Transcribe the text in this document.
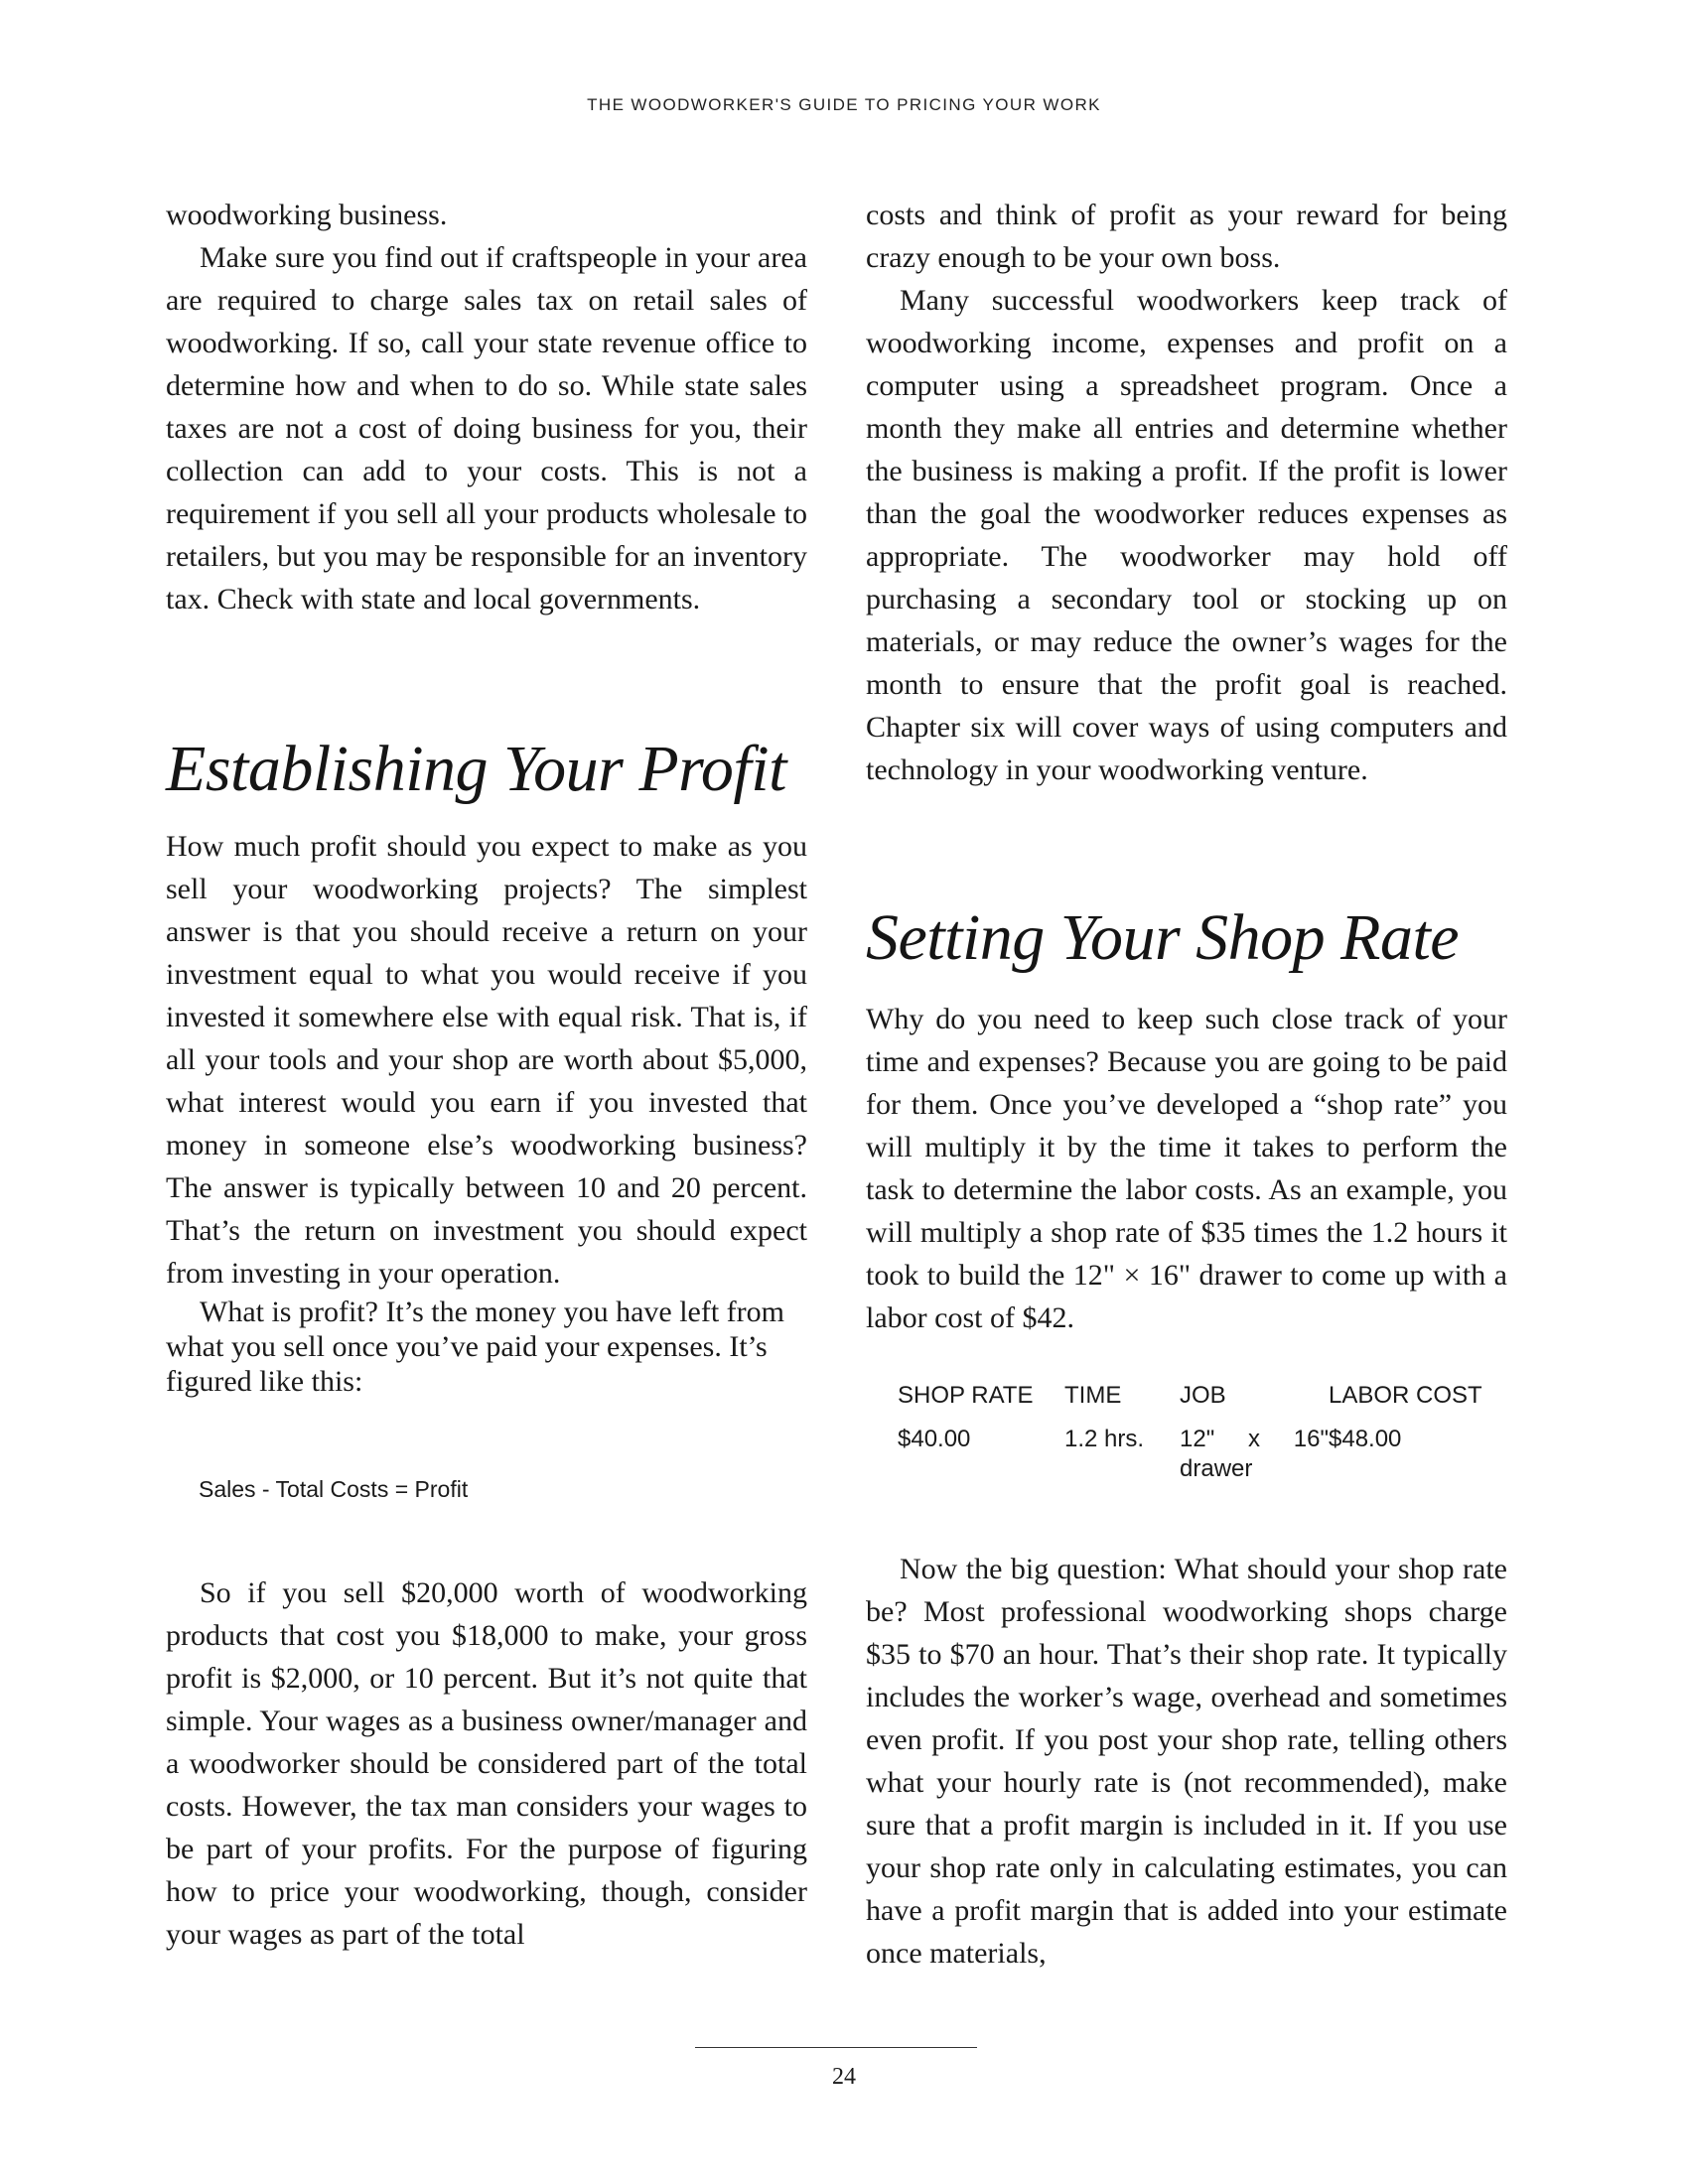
THE WOODWORKER'S GUIDE TO PRICING YOUR WORK

woodworking business.

Make sure you find out if craftspeople in your area are required to charge sales tax on retail sales of woodworking. If so, call your state revenue office to determine how and when to do so. While state sales taxes are not a cost of doing business for you, their collection can add to your costs. This is not a requirement if you sell all your products wholesale to retailers, but you may be responsible for an inventory tax. Check with state and local governments.

Establishing Your Profit

How much profit should you expect to make as you sell your woodworking projects? The simplest answer is that you should receive a return on your investment equal to what you would receive if you invested it somewhere else with equal risk. That is, if all your tools and your shop are worth about $5,000, what interest would you earn if you invested that money in someone else’s woodworking business? The answer is typically between 10 and 20 percent. That’s the return on investment you should expect from investing in your operation.

What is profit? It’s the money you have left from what you sell once you’ve paid your expenses. It’s figured like this:

Sales - Total Costs = Profit

So if you sell $20,000 worth of woodworking products that cost you $18,000 to make, your gross profit is $2,000, or 10 percent. But it’s not quite that simple. Your wages as a business owner/manager and a woodworker should be considered part of the total costs. However, the tax man considers your wages to be part of your profits. For the purpose of figuring how to price your woodworking, though, consider your wages as part of the total

costs and think of profit as your reward for being crazy enough to be your own boss.

Many successful woodworkers keep track of woodworking income, expenses and profit on a computer using a spreadsheet program. Once a month they make all entries and determine whether the business is making a profit. If the profit is lower than the goal the woodworker reduces expenses as appropriate. The woodworker may hold off purchasing a secondary tool or stocking up on materials, or may reduce the owner’s wages for the month to ensure that the profit goal is reached. Chapter six will cover ways of using computers and technology in your woodworking venture.

Setting Your Shop Rate

Why do you need to keep such close track of your time and expenses? Because you are going to be paid for them. Once you’ve developed a “shop rate” you will multiply it by the time it takes to perform the task to determine the labor costs. As an example, you will multiply a shop rate of $35 times the 1.2 hours it took to build the 12" × 16" drawer to come up with a labor cost of $42.

SHOP RATE	TIME	JOB	LABOR COST
$40.00	1.2 hrs.	12" x 16" drawer	$48.00

Now the big question: What should your shop rate be? Most professional woodworking shops charge $35 to $70 an hour. That’s their shop rate. It typically includes the worker’s wage, overhead and sometimes even profit. If you post your shop rate, telling others what your hourly rate is (not recommended), make sure that a profit margin is included in it. If you use your shop rate only in calculating estimates, you can have a profit margin that is added into your estimate once materials,

24
